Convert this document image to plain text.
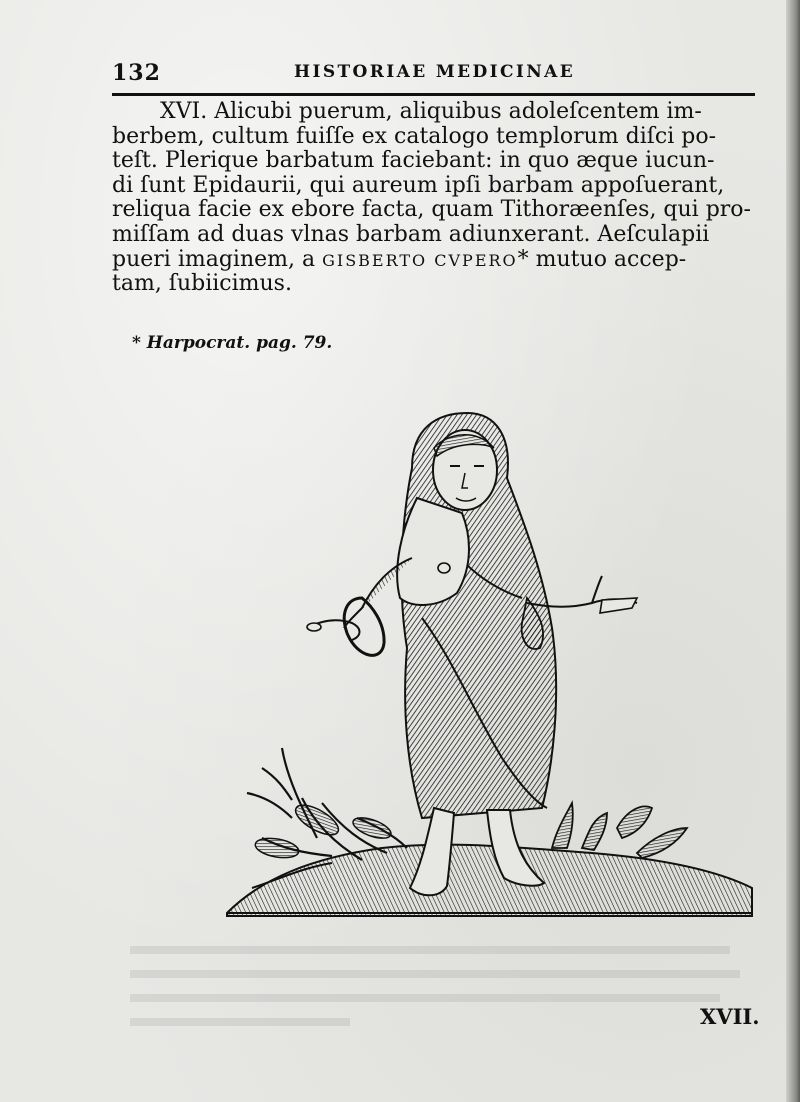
132	HISTORIAE MEDICINAE
XVI. Alicubi puerum, aliquibus adoleſcentem im-
berbem, cultum fuiſſe ex catalogo templorum diſci po-
teſt. Plerique barbatum faciebant: in quo æque iucun-
di ſunt Epidaurii, qui aureum ipſi barbam appoſuerant,
reliqua facie ex ebore facta, quam Tithoræenſes, qui pro-
miſſam ad duas vlnas barbam adiunxerant. Aeſculapii
pueri imaginem, a GISBERTO CVPERO* mutuo accep-
tam, ſubiicimus.
* Harpocrat. pag. 79.
XVII.
